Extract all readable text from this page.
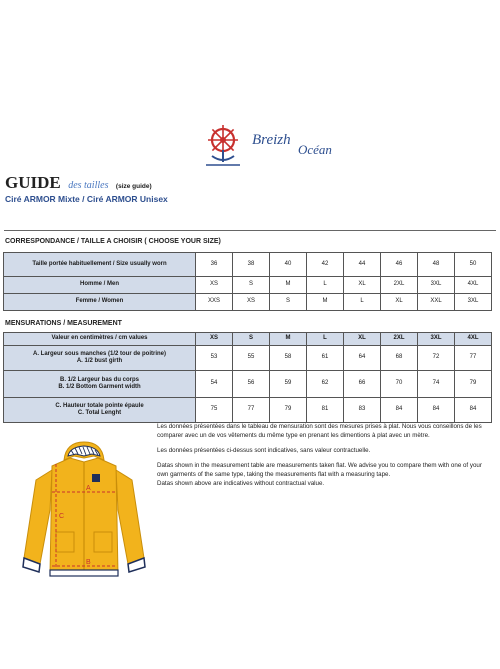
Breizh
Océan
GUIDE des tailles (size guide)
Ciré ARMOR Mixte / Ciré ARMOR Unisex
CORRESPONDANCE / TAILLE A CHOISIR ( CHOOSE YOUR SIZE)
Taille portée habituellement / Size usually worn	36	38	40	42	44	46	48	50
Homme / Men	XS	S	M	L	XL	2XL	3XL	4XL
Femme / Women	XXS	XS	S	M	L	XL	XXL	3XL
MENSURATIONS / MEASUREMENT
Valeur en centimètres / cm values	XS	S	M	L	XL	2XL	3XL	4XL

A. Largeur sous manches (1/2 tour de poitrine)
A. 1/2 bust girth	53	55	58	61	64	68	72	77

B. 1/2 Largeur bas du corps
B. 1/2 Bottom Garment width	54	56	59	62	66	70	74	79

C. Hauteur totale pointe épaule
C. Total Lenght	75	77	79	81	83	84	84	84
A
B
C

Les données présentées dans le tableau de mensuration sont des mesures prises à plat. Nous vous conseillons de les comparer avec un de vos vêtements du même type en prenant les dimentions à plat avec un mètre.

Les données présentées ci-dessus sont indicatives, sans valeur contractuelle.

Datas shown in the measurement table are measurements taken flat. We advise you to compare them with one of your own garments of the same type, taking the measurements flat with a measuring tape.

Datas shown above are indicatives without contractual value.
